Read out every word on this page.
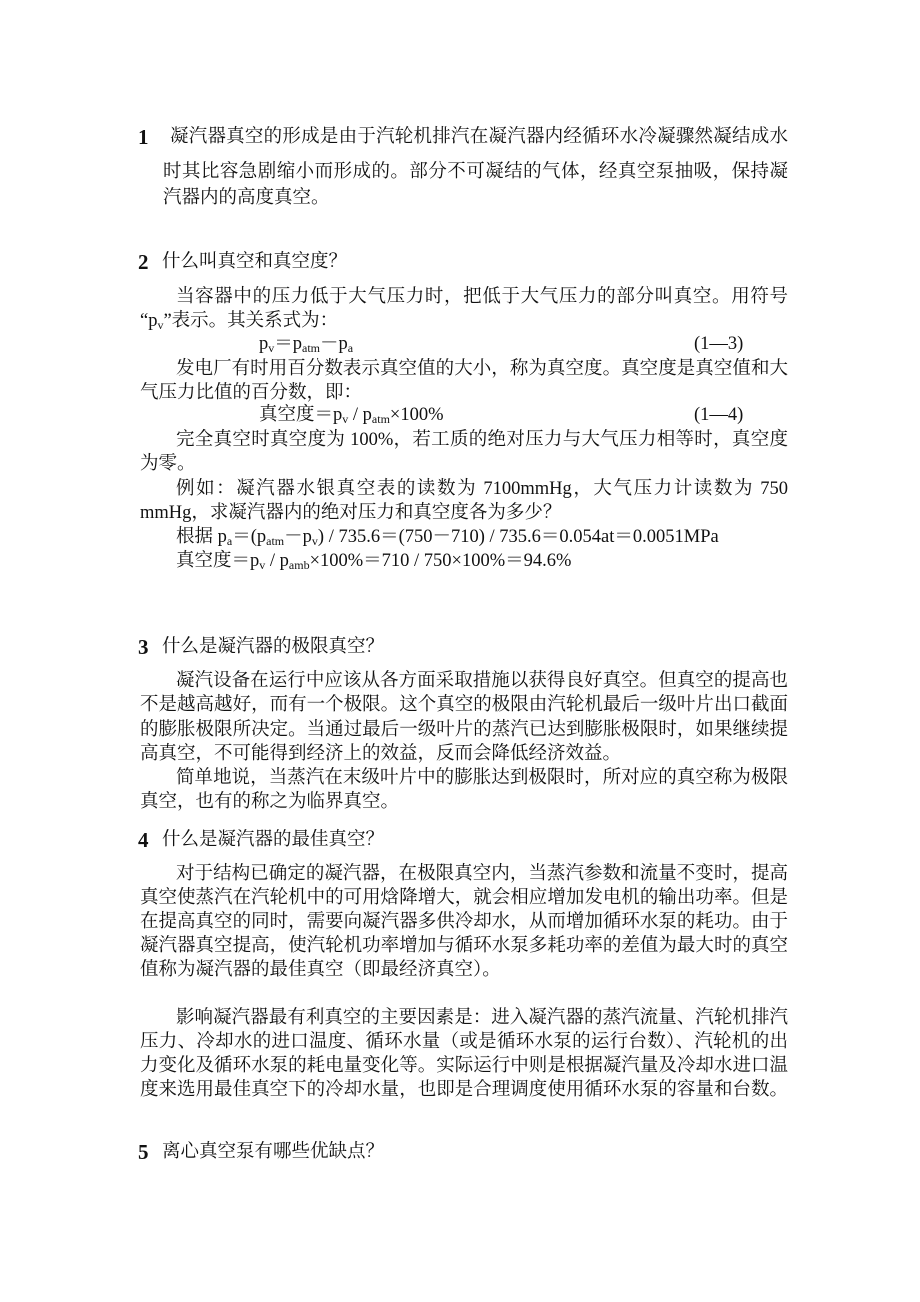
1 凝汽器真空的形成是由于汽轮机排汽在凝汽器内经循环水冷凝骤然凝结成水
时其比容急剧缩小而形成的。部分不可凝结的气体，经真空泵抽吸，保持凝
汽器内的高度真空。
2 什么叫真空和真空度？
当容器中的压力低于大气压力时，把低于大气压力的部分叫真空。用符号
“$p_v$”表示。其关系式为：
$p_v=p_{atm}-p_a$
发电厂有时用百分数表示真空值的大小，称为真空度。真空度是真空值和大
气压力比值的百分数，即：
真空度$=p_v / p_{atm}\times 100\%$
完全真空时真空度为 100%，若工质的绝对压力与大气压力相等时，真空度
为零。
例如：凝汽器水银真空表的读数为 7100mmHg，大气压力计读数为 750
mmHg，求凝汽器内的绝对压力和真空度各为多少？
根据 $p_a=(p_{atm}-p_v) / 735.6=(750-710) / 735.6=0.054at=0.0051MPa$
真空度$=p_v / p_{amb}\times 100\%=710 / 750\times 100\%=94.6\%$
(1—3)
(1—4)
3 什么是凝汽器的极限真空？
凝汽设备在运行中应该从各方面采取措施以获得良好真空。但真空的提高也
不是越高越好，而有一个极限。这个真空的极限由汽轮机最后一级叶片出口截面
的膨胀极限所决定。当通过最后一级叶片的蒸汽已达到膨胀极限时，如果继续提
高真空，不可能得到经济上的效益，反而会降低经济效益。
简单地说，当蒸汽在末级叶片中的膨胀达到极限时，所对应的真空称为极限
真空，也有的称之为临界真空。
4 什么是凝汽器的最佳真空？
对于结构已确定的凝汽器，在极限真空内，当蒸汽参数和流量不变时，提高
真空使蒸汽在汽轮机中的可用焓降增大，就会相应增加发电机的输出功率。但是
在提高真空的同时，需要向凝汽器多供冷却水，从而增加循环水泵的耗功。由于
凝汽器真空提高，使汽轮机功率增加与循环水泵多耗功率的差值为最大时的真空
值称为凝汽器的最佳真空（即最经济真空）。
影响凝汽器最有利真空的主要因素是：进入凝汽器的蒸汽流量、汽轮机排汽
压力、冷却水的进口温度、循环水量（或是循环水泵的运行台数）、汽轮机的出
力变化及循环水泵的耗电量变化等。实际运行中则是根据凝汽量及冷却水进口温
度来选用最佳真空下的冷却水量，也即是合理调度使用循环水泵的容量和台数。
5 离心真空泵有哪些优缺点？
